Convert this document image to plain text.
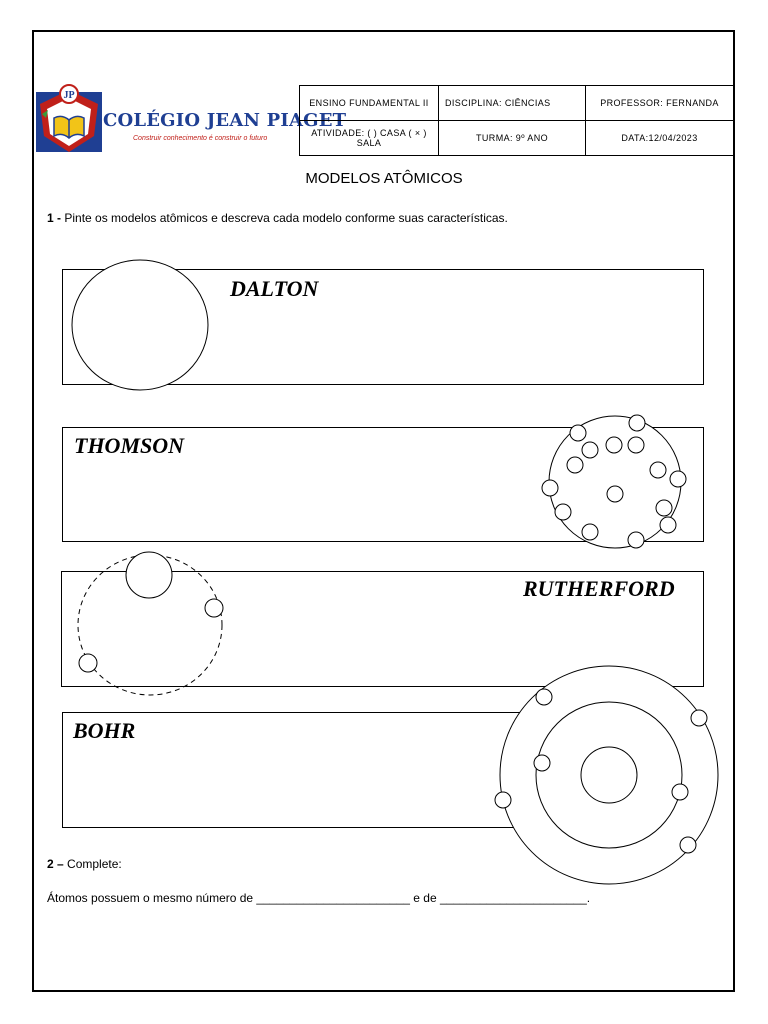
JP
COLÉGIO JEAN PIAGET
Construir conhecimento é construir o futuro
ENSINO FUNDAMENTAL II	DISCIPLINA: CIÊNCIAS	PROFESSOR: FERNANDA
ATIVIDADE: ( ) CASA ( × ) SALA	TURMA: 9º ANO	DATA:12/04/2023
MODELOS ATÔMICOS
1 - Pinte os modelos atômicos e descreva cada modelo conforme suas características.
DALTON
THOMSON
RUTHERFORD
BOHR
2 – Complete:
Átomos possuem o mesmo número de _______________________ e de ______________________.
